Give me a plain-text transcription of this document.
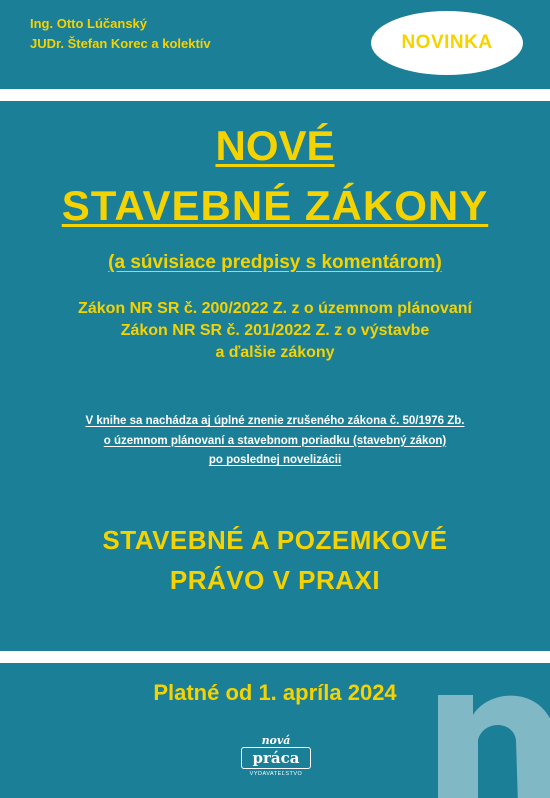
Ing. Otto Lúčanský
JUDr. Štefan Korec a kolektív	NOVINKA
NOVÉ
STAVEBNÉ ZÁKONY
(a súvisiace predpisy s komentárom)
Zákon NR SR č. 200/2022 Z. z o územnom plánovaní
Zákon NR SR č. 201/2022 Z. z o výstavbe
a ďalšie zákony
V knihe sa nachádza aj úplné znenie zrušeného zákona č. 50/1976 Zb.
o územnom plánovaní a stavebnom poriadku (stavebný zákon)
po poslednej novelizácii
STAVEBNÉ A POZEMKOVÉ
PRÁVO V PRAXI
Platné od 1. apríla 2024
nová
práca
VYDAVATEĽSTVO
